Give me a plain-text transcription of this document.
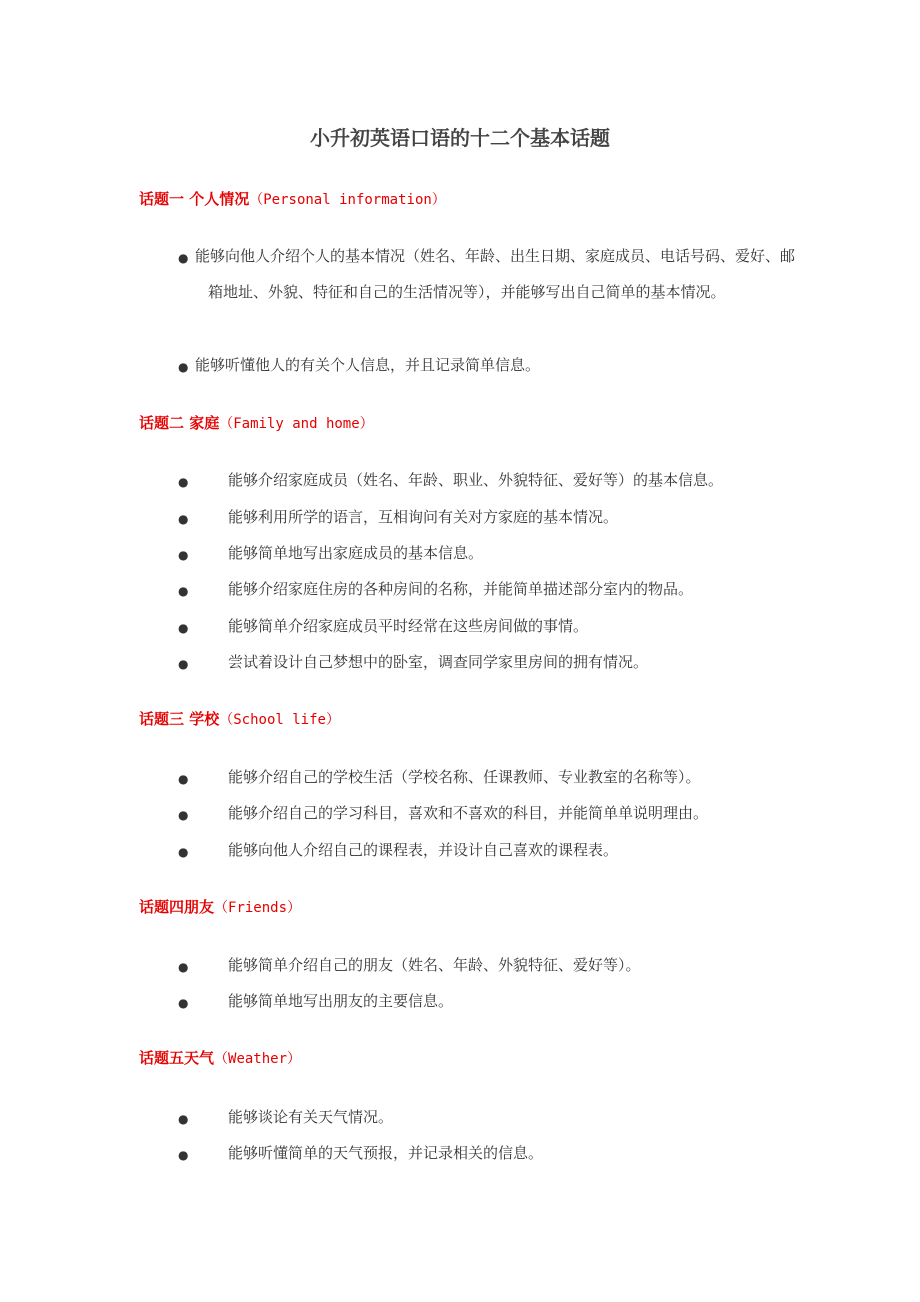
小升初英语口语的十二个基本话题

话题一 个人情况（Personal information）

● 能够向他人介绍个人的基本情况（姓名、年龄、出生日期、家庭成员、电话号码、爱好、邮箱地址、外貌、特征和自己的生活情况等），并能够写出自己简单的基本情况。

● 能够听懂他人的有关个人信息，并且记录简单信息。

话题二 家庭（Family and home）

●	能够介绍家庭成员（姓名、年龄、职业、外貌特征、爱好等）的基本信息。

●	能够利用所学的语言，互相询问有关对方家庭的基本情况。

●	能够简单地写出家庭成员的基本信息。

●	能够介绍家庭住房的各种房间的名称，并能简单描述部分室内的物品。

●	能够简单介绍家庭成员平时经常在这些房间做的事情。

●	尝试着设计自己梦想中的卧室，调查同学家里房间的拥有情况。

话题三 学校（School life）

●	能够介绍自己的学校生活（学校名称、任课教师、专业教室的名称等）。

●	能够介绍自己的学习科目，喜欢和不喜欢的科目，并能简单单说明理由。

●	能够向他人介绍自己的课程表，并设计自己喜欢的课程表。

话题四朋友（Friends）

●	能够简单介绍自己的朋友（姓名、年龄、外貌特征、爱好等）。

●	能够简单地写出朋友的主要信息。

话题五天气（Weather）

●	能够谈论有关天气情况。

●	能够听懂简单的天气预报，并记录相关的信息。
